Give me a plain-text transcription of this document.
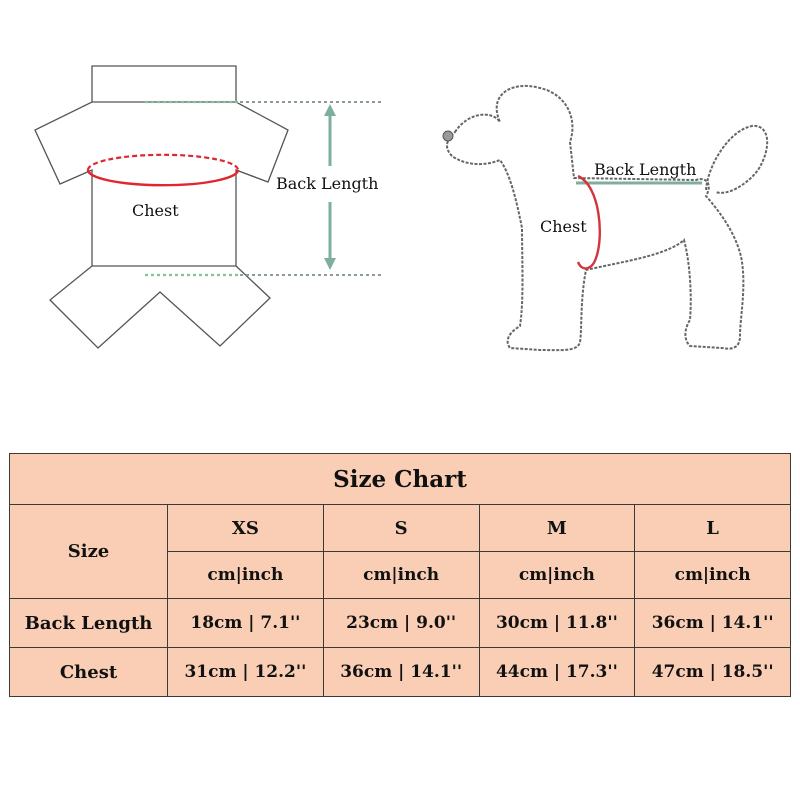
Chest
Back Length
Back Length
Chest
Size Chart				
Size	XS	S	M	L
	cm|inch	cm|inch	cm|inch	cm|inch
Back Length	18cm | 7.1''	23cm | 9.0''	30cm | 11.8''	36cm | 14.1''
Chest	31cm | 12.2''	36cm | 14.1''	44cm | 17.3''	47cm | 18.5''
